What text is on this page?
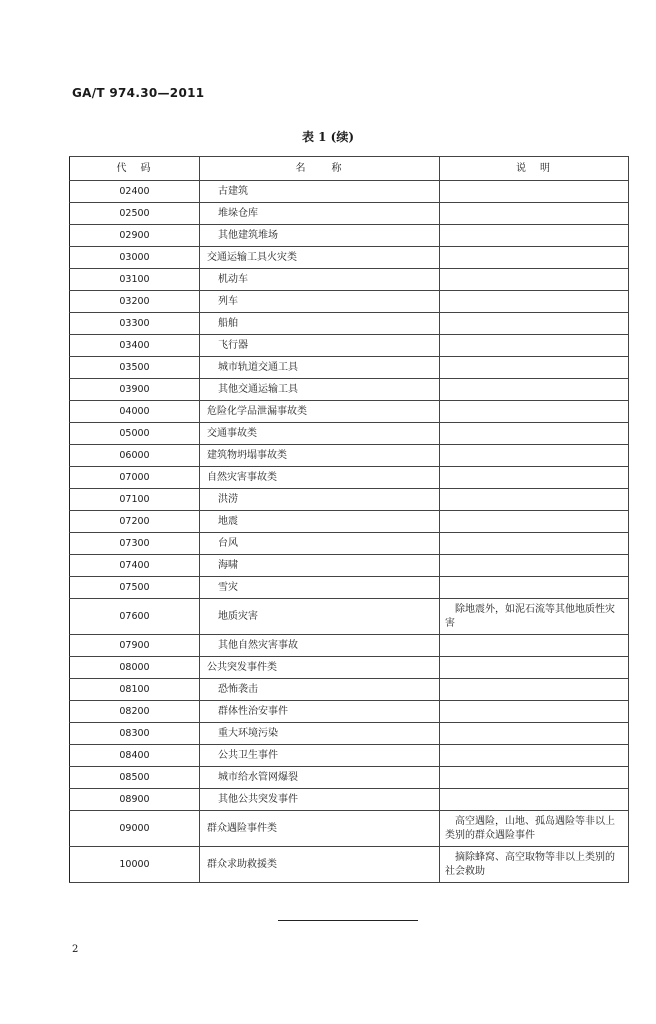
GA/T 974.30—2011
表 1 (续)
代　码	名　　称	说　明
02400	古建筑	
02500	堆垛仓库	
02900	其他建筑堆场	
03000	交通运输工具火灾类	
03100	机动车	
03200	列车	
03300	船舶	
03400	飞行器	
03500	城市轨道交通工具	
03900	其他交通运输工具	
04000	危险化学品泄漏事故类	
05000	交通事故类	
06000	建筑物坍塌事故类	
07000	自然灾害事故类	
07100	洪涝	
07200	地震	
07300	台风	
07400	海啸	
07500	雪灾	
07600	地质灾害	　除地震外，如泥石流等其他地质性灾害
07900	其他自然灾害事故	
08000	公共突发事件类	
08100	恐怖袭击	
08200	群体性治安事件	
08300	重大环境污染	
08400	公共卫生事件	
08500	城市给水管网爆裂	
08900	其他公共突发事件	
09000	群众遇险事件类	　高空遇险，山地、孤岛遇险等非以上类别的群众遇险事件
10000	群众求助救援类	　摘除蜂窝、高空取物等非以上类别的社会救助
2
